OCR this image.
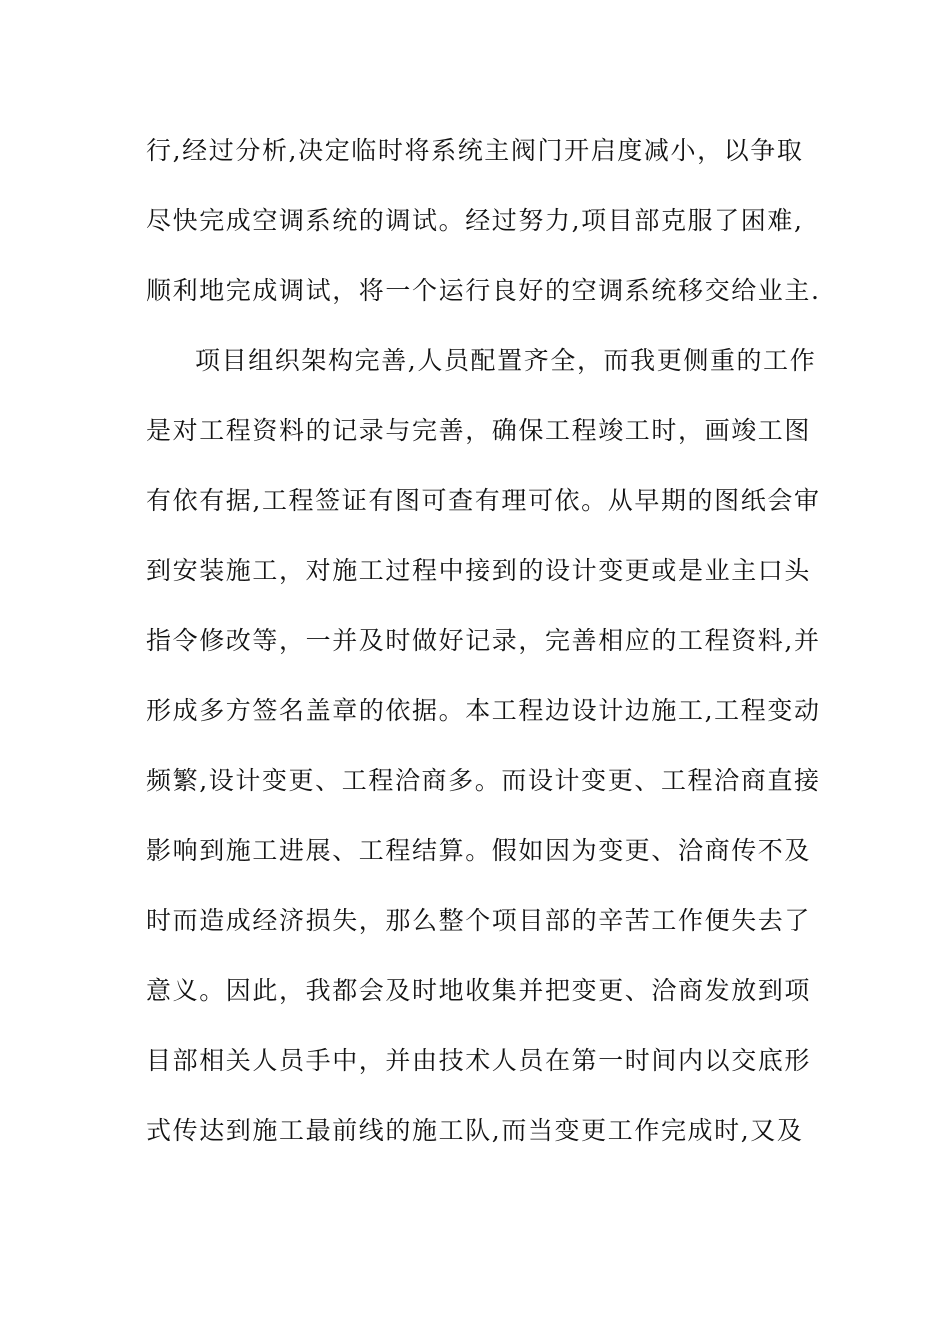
行,经过分析,决定临时将系统主阀门开启度减小，以争取
尽快完成空调系统的调试。经过努力,项目部克服了困难,
顺利地完成调试，将一个运行良好的空调系统移交给业主.
项目组织架构完善,人员配置齐全，而我更侧重的工作
是对工程资料的记录与完善，确保工程竣工时，画竣工图
有依有据,工程签证有图可查有理可依。从早期的图纸会审
到安装施工，对施工过程中接到的设计变更或是业主口头
指令修改等，一并及时做好记录，完善相应的工程资料,并
形成多方签名盖章的依据。本工程边设计边施工,工程变动
频繁,设计变更、工程洽商多。而设计变更、工程洽商直接
影响到施工进展、工程结算。假如因为变更、洽商传不及
时而造成经济损失，那么整个项目部的辛苦工作便失去了
意义。因此，我都会及时地收集并把变更、洽商发放到项
目部相关人员手中，并由技术人员在第一时间内以交底形
式传达到施工最前线的施工队,而当变更工作完成时,又及
